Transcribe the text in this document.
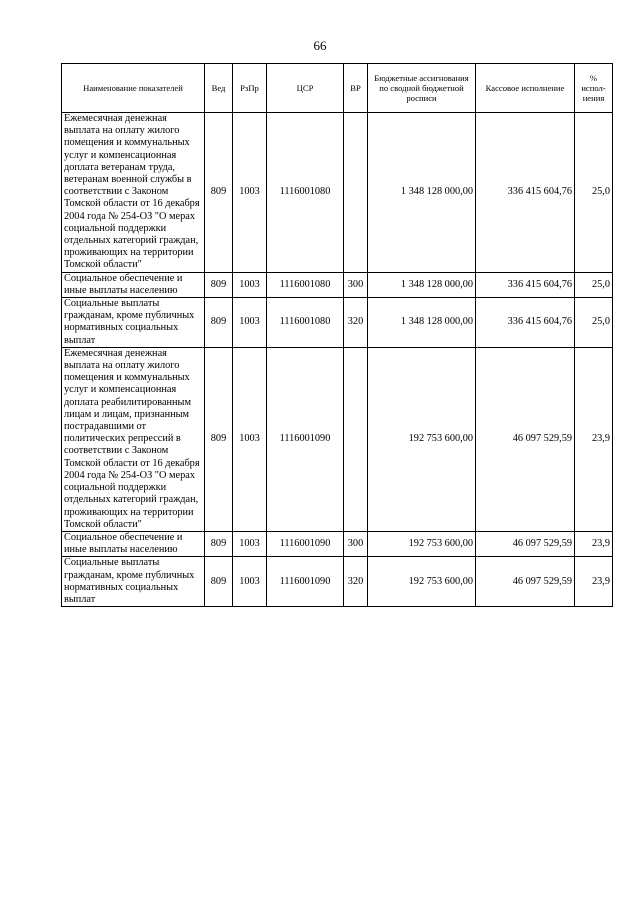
66
Наименование показателей	Вед	РзПр	ЦСР	ВР	Бюджетные ассигнования по сводной бюджетной росписи	Кассовое исполнение	% испол-нения
Ежемесячная денежная выплата на оплату жилого помещения и коммунальных услуг и компенсационная доплата ветеранам труда, ветеранам военной службы в соответствии с Законом Томской области от 16 декабря 2004 года № 254-ОЗ "О мерах социальной поддержки отдельных категорий граждан, проживающих на территории Томской области"	809	1003	1116001080		1 348 128 000,00	336 415 604,76	25,0
Социальное обеспечение и иные выплаты населению	809	1003	1116001080	300	1 348 128 000,00	336 415 604,76	25,0
Социальные выплаты гражданам, кроме публичных нормативных социальных выплат	809	1003	1116001080	320	1 348 128 000,00	336 415 604,76	25,0
Ежемесячная денежная выплата на оплату жилого помещения и коммунальных услуг и компенсационная доплата реабилитированным лицам и лицам, признанным пострадавшими от политических репрессий в соответствии с Законом Томской области от 16 декабря 2004 года № 254-ОЗ "О мерах социальной поддержки отдельных категорий граждан, проживающих на территории Томской области"	809	1003	1116001090		192 753 600,00	46 097 529,59	23,9
Социальное обеспечение и иные выплаты населению	809	1003	1116001090	300	192 753 600,00	46 097 529,59	23,9
Социальные выплаты гражданам, кроме публичных нормативных социальных выплат	809	1003	1116001090	320	192 753 600,00	46 097 529,59	23,9
